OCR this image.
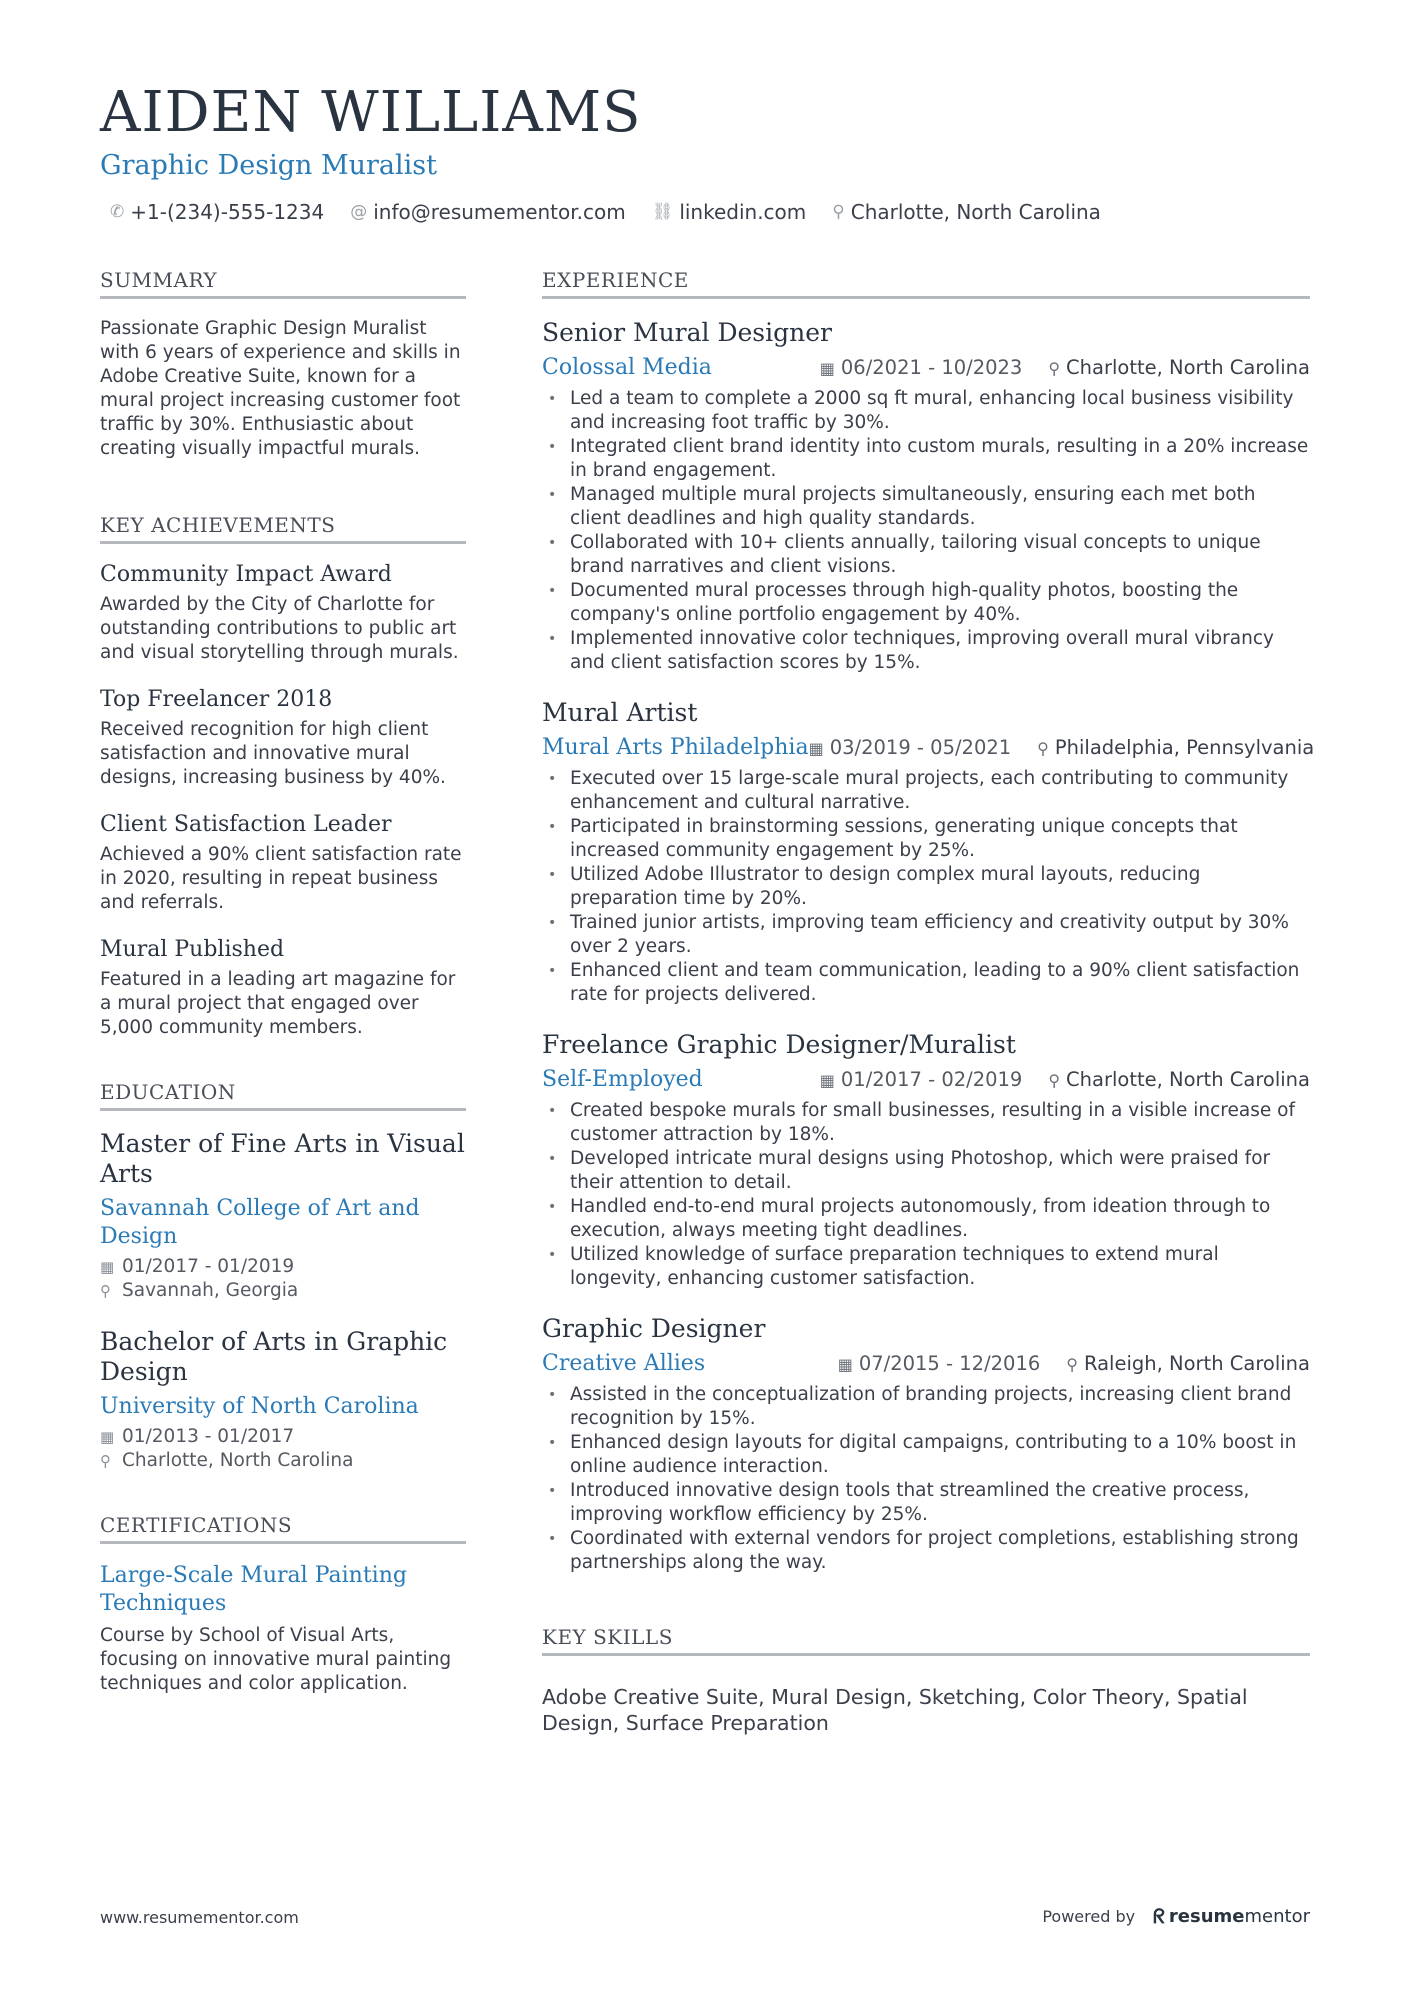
AIDEN WILLIAMS
Graphic Design Muralist
✆ +1-(234)-555-1234 @ info@resumementor.com ⛓ linkedin.com ⚲ Charlotte, North Carolina
SUMMARY
Passionate Graphic Design Muralist with 6 years of experience and skills in Adobe Creative Suite, known for a mural project increasing customer foot traffic by 30%. Enthusiastic about creating visually impactful murals.
KEY ACHIEVEMENTS
Community Impact Award
Awarded by the City of Charlotte for outstanding contributions to public art and visual storytelling through murals.
Top Freelancer 2018
Received recognition for high client satisfaction and innovative mural designs, increasing business by 40%.
Client Satisfaction Leader
Achieved a 90% client satisfaction rate in 2020, resulting in repeat business and referrals.
Mural Published
Featured in a leading art magazine for a mural project that engaged over 5,000 community members.
EDUCATION
Master of Fine Arts in Visual Arts
Savannah College of Art and Design
▦ 01/2017 - 01/2019
⚲ Savannah, Georgia
Bachelor of Arts in Graphic Design
University of North Carolina
▦ 01/2013 - 01/2017
⚲ Charlotte, North Carolina
CERTIFICATIONS
Large-Scale Mural Painting Techniques
Course by School of Visual Arts, focusing on innovative mural painting techniques and color application.
EXPERIENCE
Senior Mural Designer
Colossal Media	▦ 06/2021 - 10/2023 ⚲ Charlotte, North Carolina
• Led a team to complete a 2000 sq ft mural, enhancing local business visibility and increasing foot traffic by 30%.
• Integrated client brand identity into custom murals, resulting in a 20% increase in brand engagement.
• Managed multiple mural projects simultaneously, ensuring each met both client deadlines and high quality standards.
• Collaborated with 10+ clients annually, tailoring visual concepts to unique brand narratives and client visions.
• Documented mural processes through high-quality photos, boosting the company's online portfolio engagement by 40%.
• Implemented innovative color techniques, improving overall mural vibrancy and client satisfaction scores by 15%.
Mural Artist
Mural Arts Philadelphia ▦ 03/2019 - 05/2021 ⚲ Philadelphia, Pennsylvania
• Executed over 15 large-scale mural projects, each contributing to community enhancement and cultural narrative.
• Participated in brainstorming sessions, generating unique concepts that increased community engagement by 25%.
• Utilized Adobe Illustrator to design complex mural layouts, reducing preparation time by 20%.
• Trained junior artists, improving team efficiency and creativity output by 30% over 2 years.
• Enhanced client and team communication, leading to a 90% client satisfaction rate for projects delivered.
Freelance Graphic Designer/Muralist
Self-Employed	▦ 01/2017 - 02/2019 ⚲ Charlotte, North Carolina
• Created bespoke murals for small businesses, resulting in a visible increase of customer attraction by 18%.
• Developed intricate mural designs using Photoshop, which were praised for their attention to detail.
• Handled end-to-end mural projects autonomously, from ideation through to execution, always meeting tight deadlines.
• Utilized knowledge of surface preparation techniques to extend mural longevity, enhancing customer satisfaction.
Graphic Designer
Creative Allies	▦ 07/2015 - 12/2016 ⚲ Raleigh, North Carolina
• Assisted in the conceptualization of branding projects, increasing client brand recognition by 15%.
• Enhanced design layouts for digital campaigns, contributing to a 10% boost in online audience interaction.
• Introduced innovative design tools that streamlined the creative process, improving workflow efficiency by 25%.
• Coordinated with external vendors for project completions, establishing strong partnerships along the way.
KEY SKILLS
Adobe Creative Suite, Mural Design, Sketching, Color Theory, Spatial Design, Surface Preparation
www.resumementor.com	Powered by ᖇ resume mentor
